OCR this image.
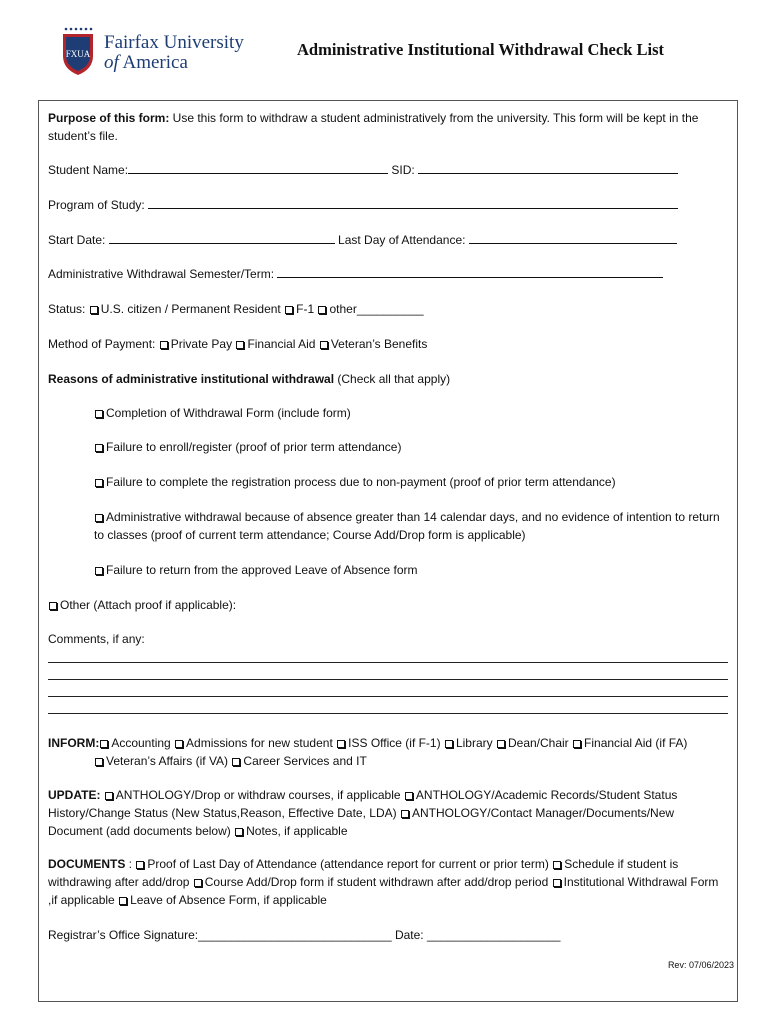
FXUA
Fairfax University
of America
Administrative Institutional Withdrawal Check List
Purpose of this form: Use this form to withdraw a student administratively from the university. This form will be kept in the student’s file.
Student Name:	SID:
Program of Study:
Start Date:	Last Day of Attendance:
Administrative Withdrawal Semester/Term:
Status: U.S. citizen / Permanent Resident F-1 other__________
Method of Payment: Private Pay Financial Aid Veteran’s Benefits
Reasons of administrative institutional withdrawal (Check all that apply)
Completion of Withdrawal Form (include form)
Failure to enroll/register (proof of prior term attendance)
Failure to complete the registration process due to non-payment (proof of prior term attendance)
Administrative withdrawal because of absence greater than 14 calendar days, and no evidence of intention to return to classes (proof of current term attendance; Course Add/Drop form is applicable)
Failure to return from the approved Leave of Absence form
Other (Attach proof if applicable):
Comments, if any:
INFORM: Accounting Admissions for new student ISS Office (if F-1) Library Dean/Chair Financial Aid (if FA)
Veteran’s Affairs (if VA) Career Services and IT
UPDATE: ANTHOLOGY/Drop or withdraw courses, if applicable ANTHOLOGY/Academic Records/Student Status History/Change Status (New Status,Reason, Effective Date, LDA) ANTHOLOGY/Contact Manager/Documents/New Document (add documents below) Notes, if applicable
DOCUMENTS : Proof of Last Day of Attendance (attendance report for current or prior term) Schedule if student is withdrawing after add/drop Course Add/Drop form if student withdrawn after add/drop period Institutional Withdrawal Form ,if applicable Leave of Absence Form, if applicable
Registrar’s Office Signature:_____________________________ Date: ____________________
Rev: 07/06/2023
